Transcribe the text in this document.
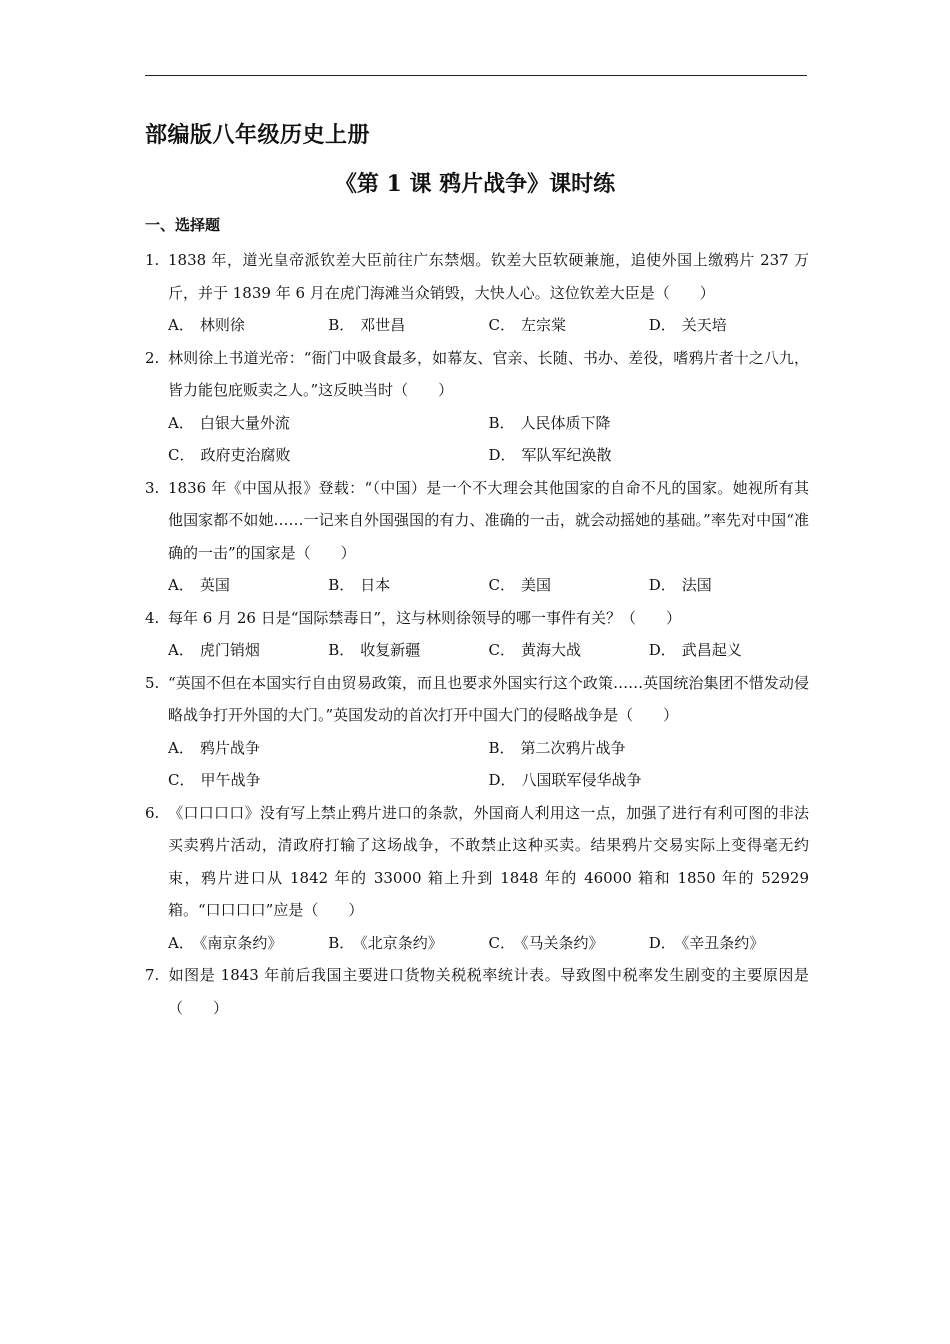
部编版八年级历史上册
《第 1 课 鸦片战争》课时练
一、选择题
1. 1838 年，道光皇帝派钦差大臣前往广东禁烟。钦差大臣软硬兼施，追使外国上缴鸦片 237 万斤，并于 1839 年 6 月在虎门海滩当众销毁，大快人心。这位钦差大臣是（　　）
A． 林则徐	B． 邓世昌	C． 左宗棠	D． 关天培
2. 林则徐上书道光帝：“衙门中吸食最多，如幕友、官亲、长随、书办、差役，嗜鸦片者十之八九，皆力能包庇贩卖之人。”这反映当时（　　）
A． 白银大量外流	B． 人民体质下降
C． 政府吏治腐败	D． 军队军纪涣散
3. 1836 年《中国从报》登载：“（中国）是一个不大理会其他国家的自命不凡的国家。她视所有其他国家都不如她……一记来自外国强国的有力、准确的一击，就会动摇她的基础。”率先对中国“准确的一击”的国家是（　　）
A． 英国	B． 日本	C． 美国	D． 法国
4. 每年 6 月 26 日是“国际禁毒日”，这与林则徐领导的哪一事件有关？（　　）
A． 虎门销烟	B． 收复新疆	C． 黄海大战	D． 武昌起义
5. “英国不但在本国实行自由贸易政策，而且也要求外国实行这个政策……英国统治集团不惜发动侵略战争打开外国的大门。”英国发动的首次打开中国大门的侵略战争是（　　）
A． 鸦片战争	B． 第二次鸦片战争
C． 甲午战争	D． 八国联军侵华战争
6. 《口口口口》没有写上禁止鸦片进口的条款，外国商人利用这一点，加强了进行有利可图的非法买卖鸦片活动，清政府打输了这场战争，不敢禁止这种买卖。结果鸦片交易实际上变得毫无约束，鸦片进口从 1842 年的 33000 箱上升到 1848 年的 46000 箱和 1850 年的 52929 箱。“口口口口”应是（　　）
A． 《南京条约》	B． 《北京条约》	C． 《马关条约》	D． 《辛丑条约》
7. 如图是 1843 年前后我国主要进口货物关税税率统计表。导致图中税率发生剧变的主要原因是（　　）
